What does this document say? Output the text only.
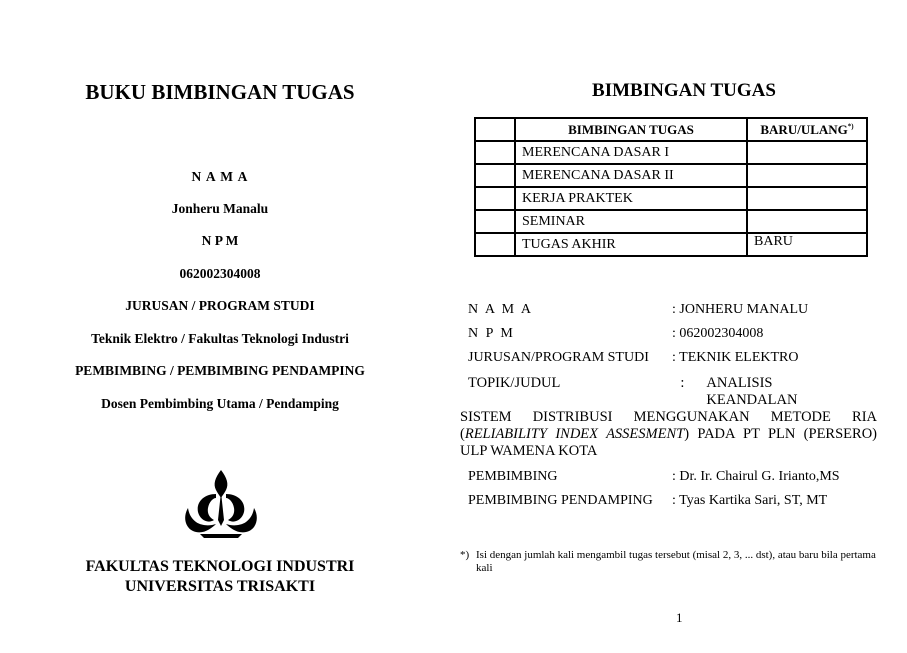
BUKU BIMBINGAN TUGAS
N A M A
Jonheru Manalu
N P M
062002304008
JURUSAN / PROGRAM STUDI
Teknik Elektro / Fakultas Teknologi Industri
PEMBIMBING / PEMBIMBING PENDAMPING
Dosen Pembimbing Utama / Pendamping
FAKULTAS TEKNOLOGI INDUSTRI
UNIVERSITAS TRISAKTI
BIMBINGAN TUGAS
	BIMBINGAN TUGAS	BARU/ULANG*)
	MERENCANA DASAR I	
	MERENCANA DASAR II	
	KERJA PRAKTEK	
	SEMINAR	
	TUGAS AKHIR	BARU
N A M A	: JONHERU MANALU
N P M	: 062002304008
JURUSAN/PROGRAM STUDI : TEKNIK ELEKTRO
TOPIK/JUDUL	: ANALISIS KEANDALAN
SISTEM DISTRIBUSI MENGGUNAKAN METODE RIA
(RELIABILITY INDEX ASSESMENT) PADA PT PLN (PERSERO)
ULP WAMENA KOTA
PEMBIMBING	: Dr. Ir. Chairul G. Irianto,MS
PEMBIMBING PENDAMPING : Tyas Kartika Sari, ST, MT
*) Isi dengan jumlah kali mengambil tugas tersebut (misal 2, 3, ... dst), atau baru bila pertama kali
1
